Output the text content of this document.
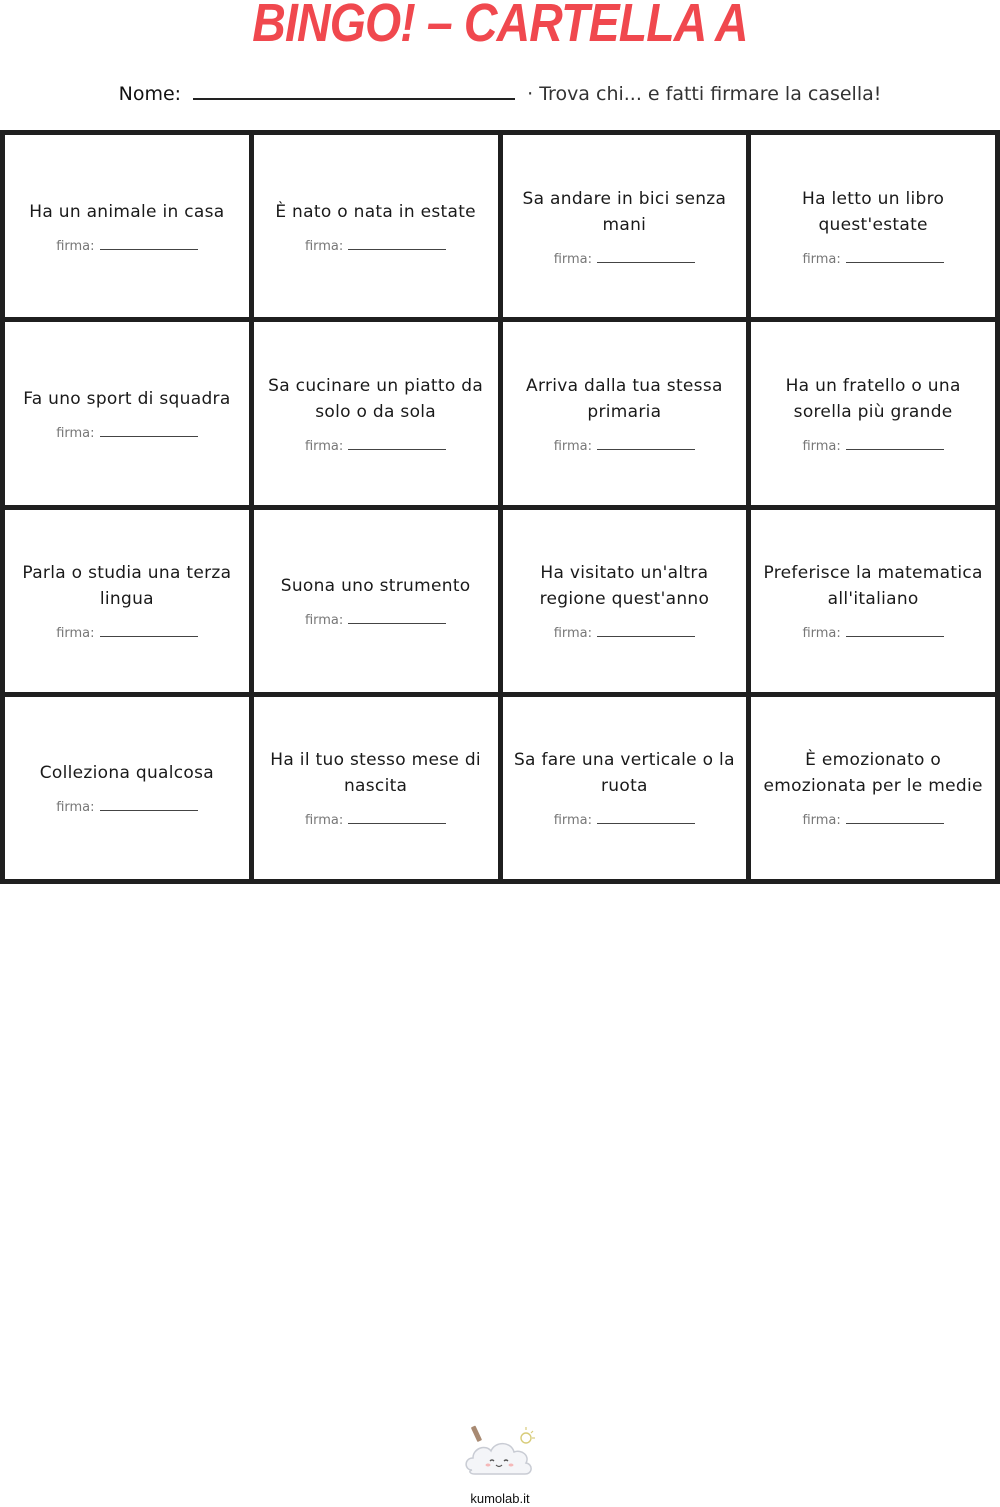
BINGO! – CARTELLA A
Nome:	· Trova chi... e fatti firmare la casella!
Ha un animale in casa
firma:
È nato o nata in estate
firma:
Sa andare in bici senza mani
firma:
Ha letto un libro quest'estate
firma:
Fa uno sport di squadra
firma:
Sa cucinare un piatto da solo o da sola
firma:
Arriva dalla tua stessa primaria
firma:
Ha un fratello o una sorella più grande
firma:
Parla o studia una terza lingua
firma:
Suona uno strumento
firma:
Ha visitato un'altra regione quest'anno
firma:
Preferisce la matematica all'italiano
firma:
Colleziona qualcosa
firma:
Ha il tuo stesso mese di nascita
firma:
Sa fare una verticale o la ruota
firma:
È emozionato o emozionata per le medie
firma:
kumolab.it
